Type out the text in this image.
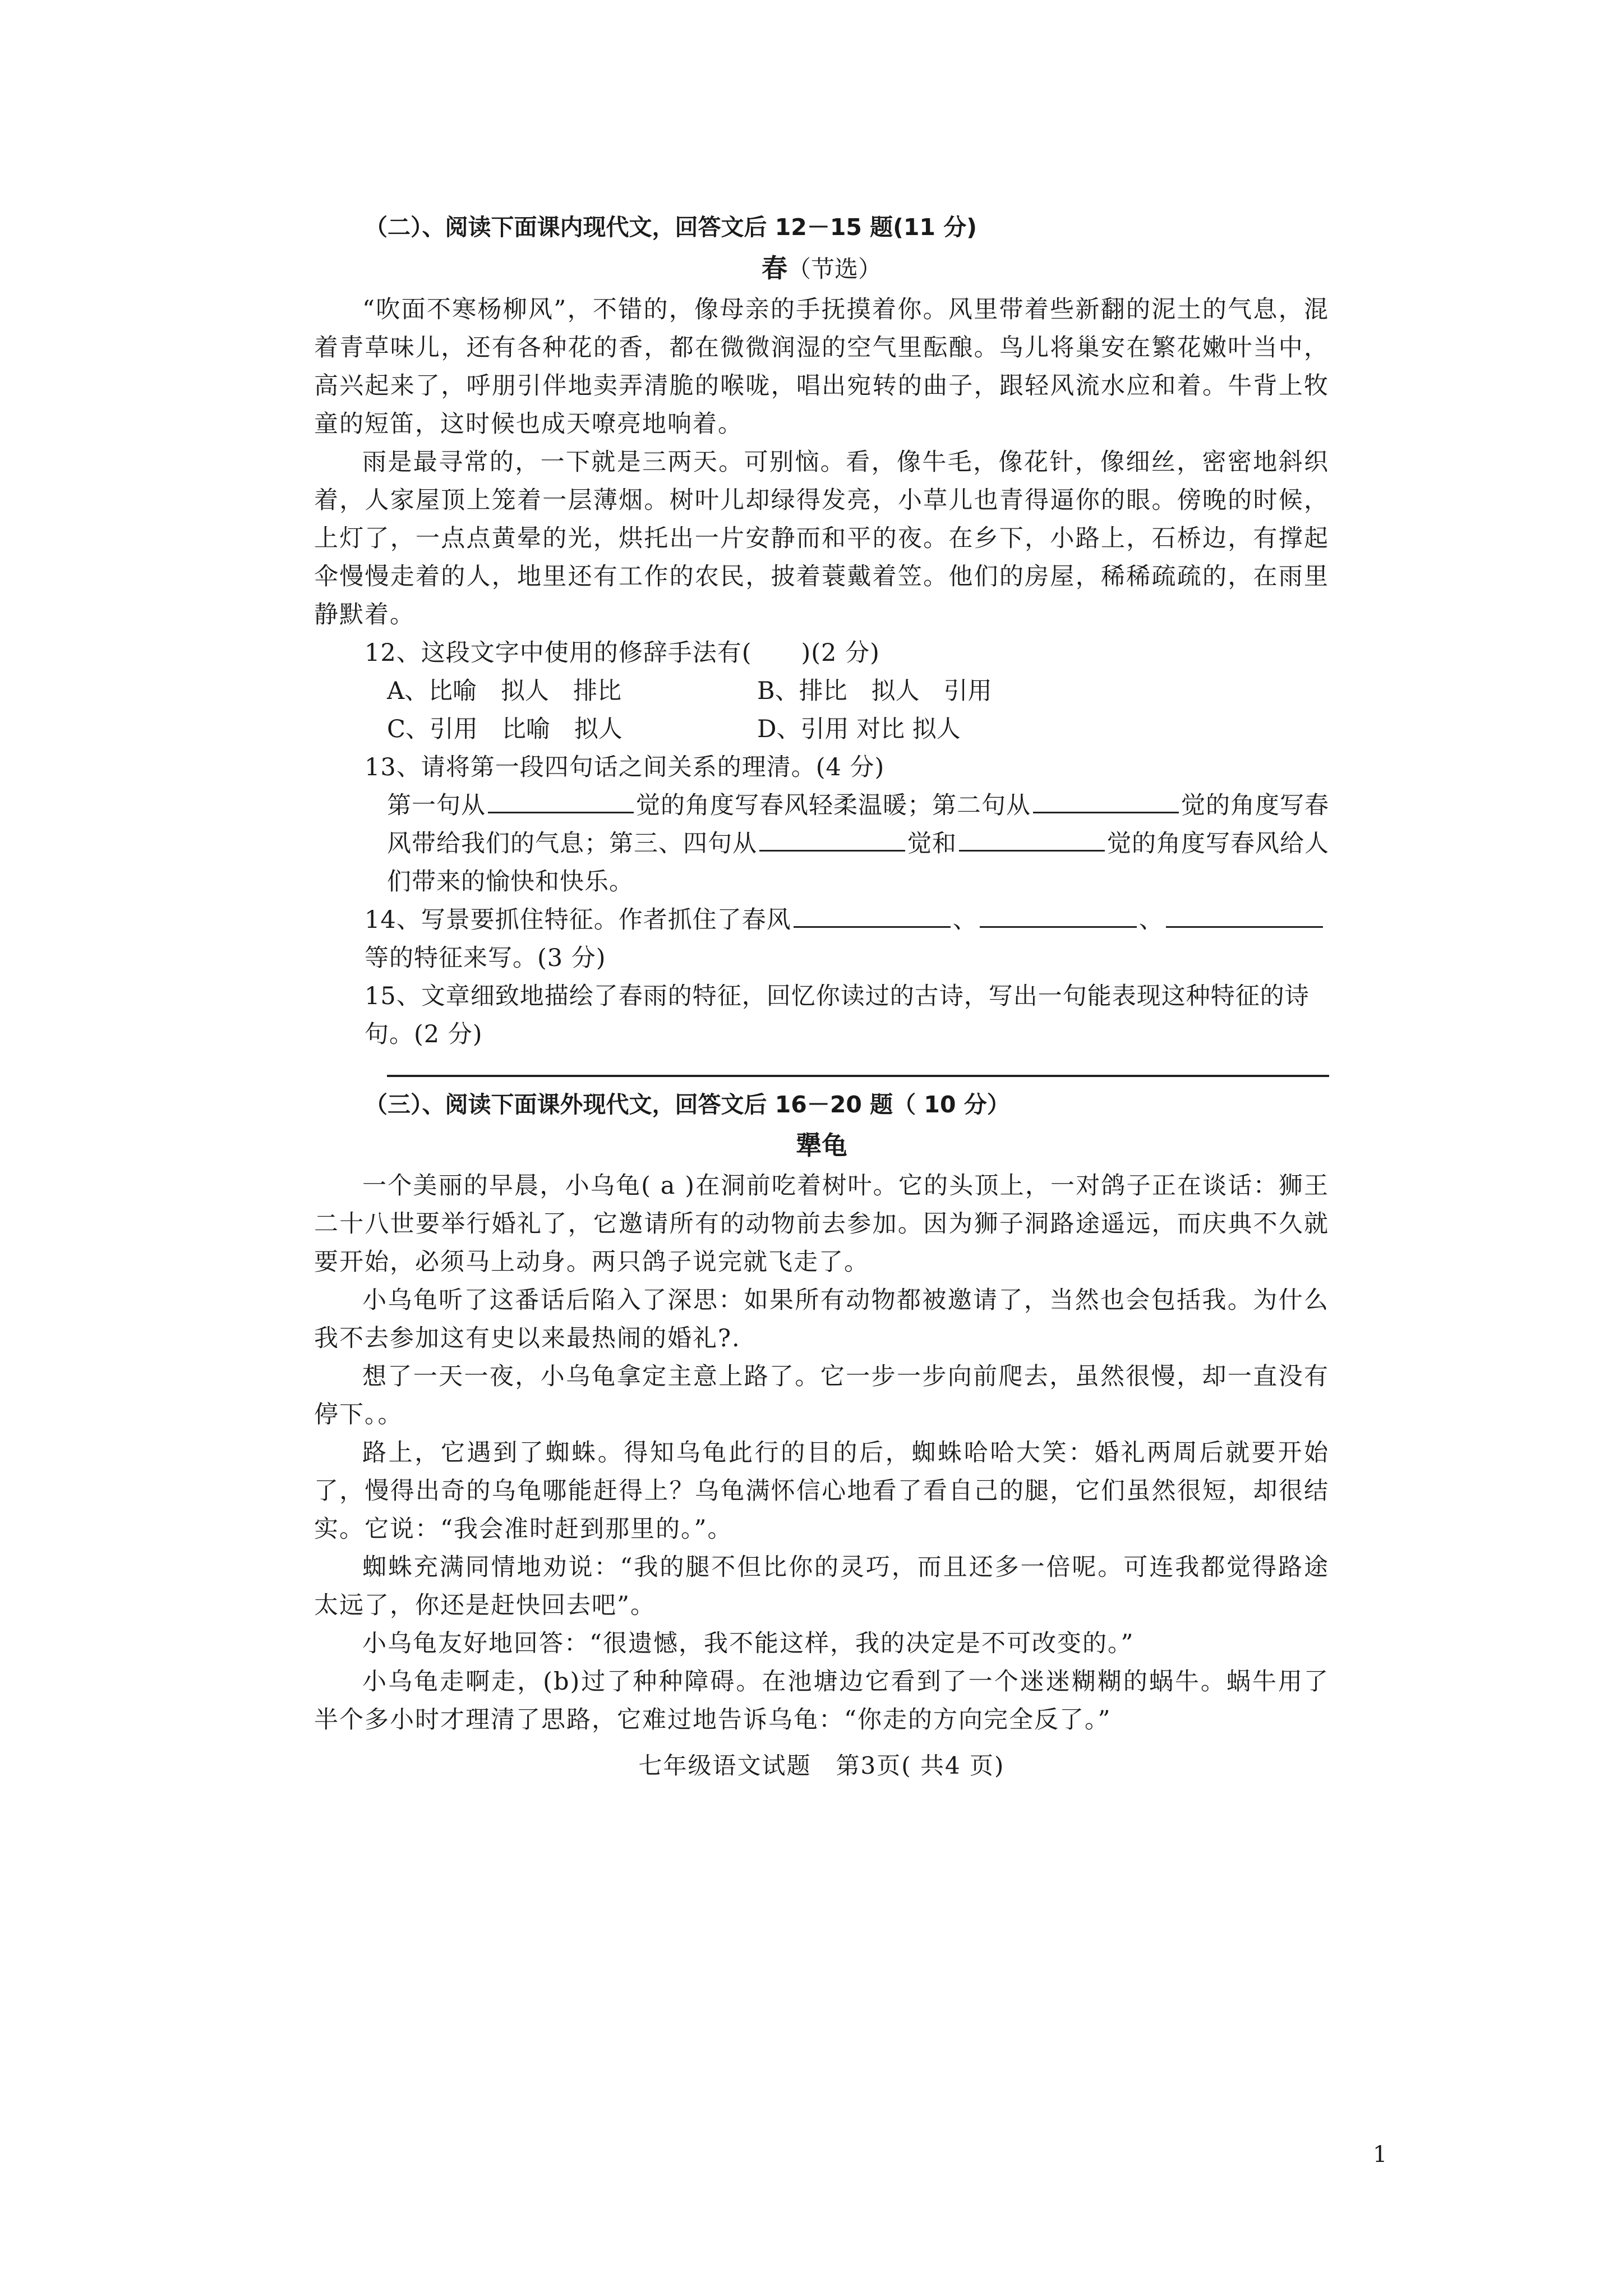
（二）、阅读下面课内现代文，回答文后 12－15 题(11 分)
春（节选）

“吹面不寒杨柳风”，不错的，像母亲的手抚摸着你。风里带着些新翻的泥土的气息，混着青草味儿，还有各种花的香，都在微微润湿的空气里酝酿。鸟儿将巢安在繁花嫩叶当中，高兴起来了，呼朋引伴地卖弄清脆的喉咙，唱出宛转的曲子，跟轻风流水应和着。牛背上牧童的短笛，这时候也成天嘹亮地响着。

雨是最寻常的，一下就是三两天。可别恼。看，像牛毛，像花针，像细丝，密密地斜织着，人家屋顶上笼着一层薄烟。树叶儿却绿得发亮，小草儿也青得逼你的眼。傍晚的时候，上灯了，一点点黄晕的光，烘托出一片安静而和平的夜。在乡下，小路上，石桥边，有撑起伞慢慢走着的人，地里还有工作的农民，披着蓑戴着笠。他们的房屋，稀稀疏疏的，在雨里静默着。

12、这段文字中使用的修辞手法有(　　)(2 分)

A、比喻　拟人　排比	B、排比　拟人　引用
C、引用　比喻　拟人	D、引用 对比 拟人

13、请将第一段四句话之间关系的理清。(4 分)

第一句从	觉的角度写春风轻柔温暖；第二句从	觉的角度写春风带给我们的气息；第三、四句从	觉和	觉的角度写春风给人们带来的愉快和快乐。

14、写景要抓住特征。作者抓住了春风	、	、等的特征来写。(3 分)

15、文章细致地描绘了春雨的特征，回忆你读过的古诗，写出一句能表现这种特征的诗句。(2 分)

（三）、阅读下面课外现代文，回答文后 16－20 题（ 10 分）
犟龟

一个美丽的早晨，小乌龟( a )在洞前吃着树叶。它的头顶上，一对鸽子正在谈话：狮王二十八世要举行婚礼了，它邀请所有的动物前去参加。因为狮子洞路途遥远，而庆典不久就要开始，必须马上动身。两只鸽子说完就飞走了。

小乌龟听了这番话后陷入了深思：如果所有动物都被邀请了，当然也会包括我。为什么我不去参加这有史以来最热闹的婚礼?.

想了一天一夜，小乌龟拿定主意上路了。它一步一步向前爬去，虽然很慢，却一直没有停下。。

路上，它遇到了蜘蛛。得知乌龟此行的目的后，蜘蛛哈哈大笑：婚礼两周后就要开始了，慢得出奇的乌龟哪能赶得上？乌龟满怀信心地看了看自己的腿，它们虽然很短，却很结实。它说：“我会准时赶到那里的。”。

蜘蛛充满同情地劝说：“我的腿不但比你的灵巧，而且还多一倍呢。可连我都觉得路途太远了，你还是赶快回去吧”。

小乌龟友好地回答：“很遗憾，我不能这样，我的决定是不可改变的。”

小乌龟走啊走，(b)过了种种障碍。在池塘边它看到了一个迷迷糊糊的蜗牛。蜗牛用了半个多小时才理清了思路，它难过地告诉乌龟：“你走的方向完全反了。”

七年级语文试题　第3页( 共4 页)
1
